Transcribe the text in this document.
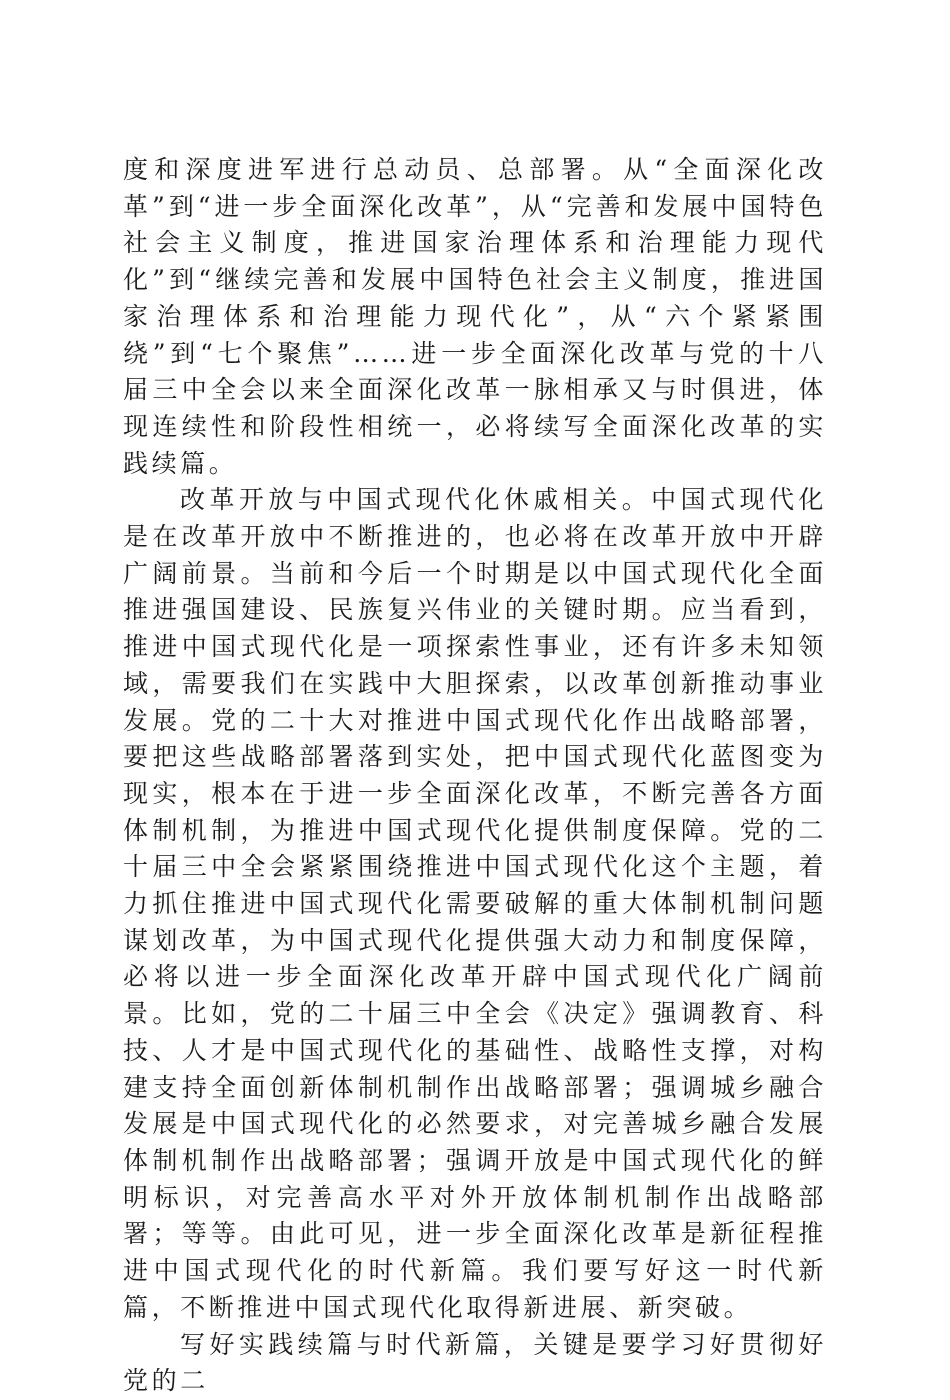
度和深度进军进行总动员、总部署。从“全面深化改革”到“进一步全面深化改革”，从“完善和发展中国特色社会主义制度，推进国家治理体系和治理能力现代化”到“继续完善和发展中国特色社会主义制度，推进国家治理体系和治理能力现代化”，从“六个紧紧围绕”到“七个聚焦”……进一步全面深化改革与党的十八届三中全会以来全面深化改革一脉相承又与时俱进，体现连续性和阶段性相统一，必将续写全面深化改革的实践续篇。

改革开放与中国式现代化休戚相关。中国式现代化是在改革开放中不断推进的，也必将在改革开放中开辟广阔前景。当前和今后一个时期是以中国式现代化全面推进强国建设、民族复兴伟业的关键时期。应当看到，推进中国式现代化是一项探索性事业，还有许多未知领域，需要我们在实践中大胆探索，以改革创新推动事业发展。党的二十大对推进中国式现代化作出战略部署，要把这些战略部署落到实处，把中国式现代化蓝图变为现实，根本在于进一步全面深化改革，不断完善各方面体制机制，为推进中国式现代化提供制度保障。党的二十届三中全会紧紧围绕推进中国式现代化这个主题，着力抓住推进中国式现代化需要破解的重大体制机制问题谋划改革，为中国式现代化提供强大动力和制度保障，必将以进一步全面深化改革开辟中国式现代化广阔前景。比如，党的二十届三中全会《决定》强调教育、科技、人才是中国式现代化的基础性、战略性支撑，对构建支持全面创新体制机制作出战略部署；强调城乡融合发展是中国式现代化的必然要求，对完善城乡融合发展体制机制作出战略部署；强调开放是中国式现代化的鲜明标识，对完善高水平对外开放体制机制作出战略部署；等等。由此可见，进一步全面深化改革是新征程推进中国式现代化的时代新篇。我们要写好这一时代新篇，不断推进中国式现代化取得新进展、新突破。

写好实践续篇与时代新篇，关键是要学习好贯彻好党的二
